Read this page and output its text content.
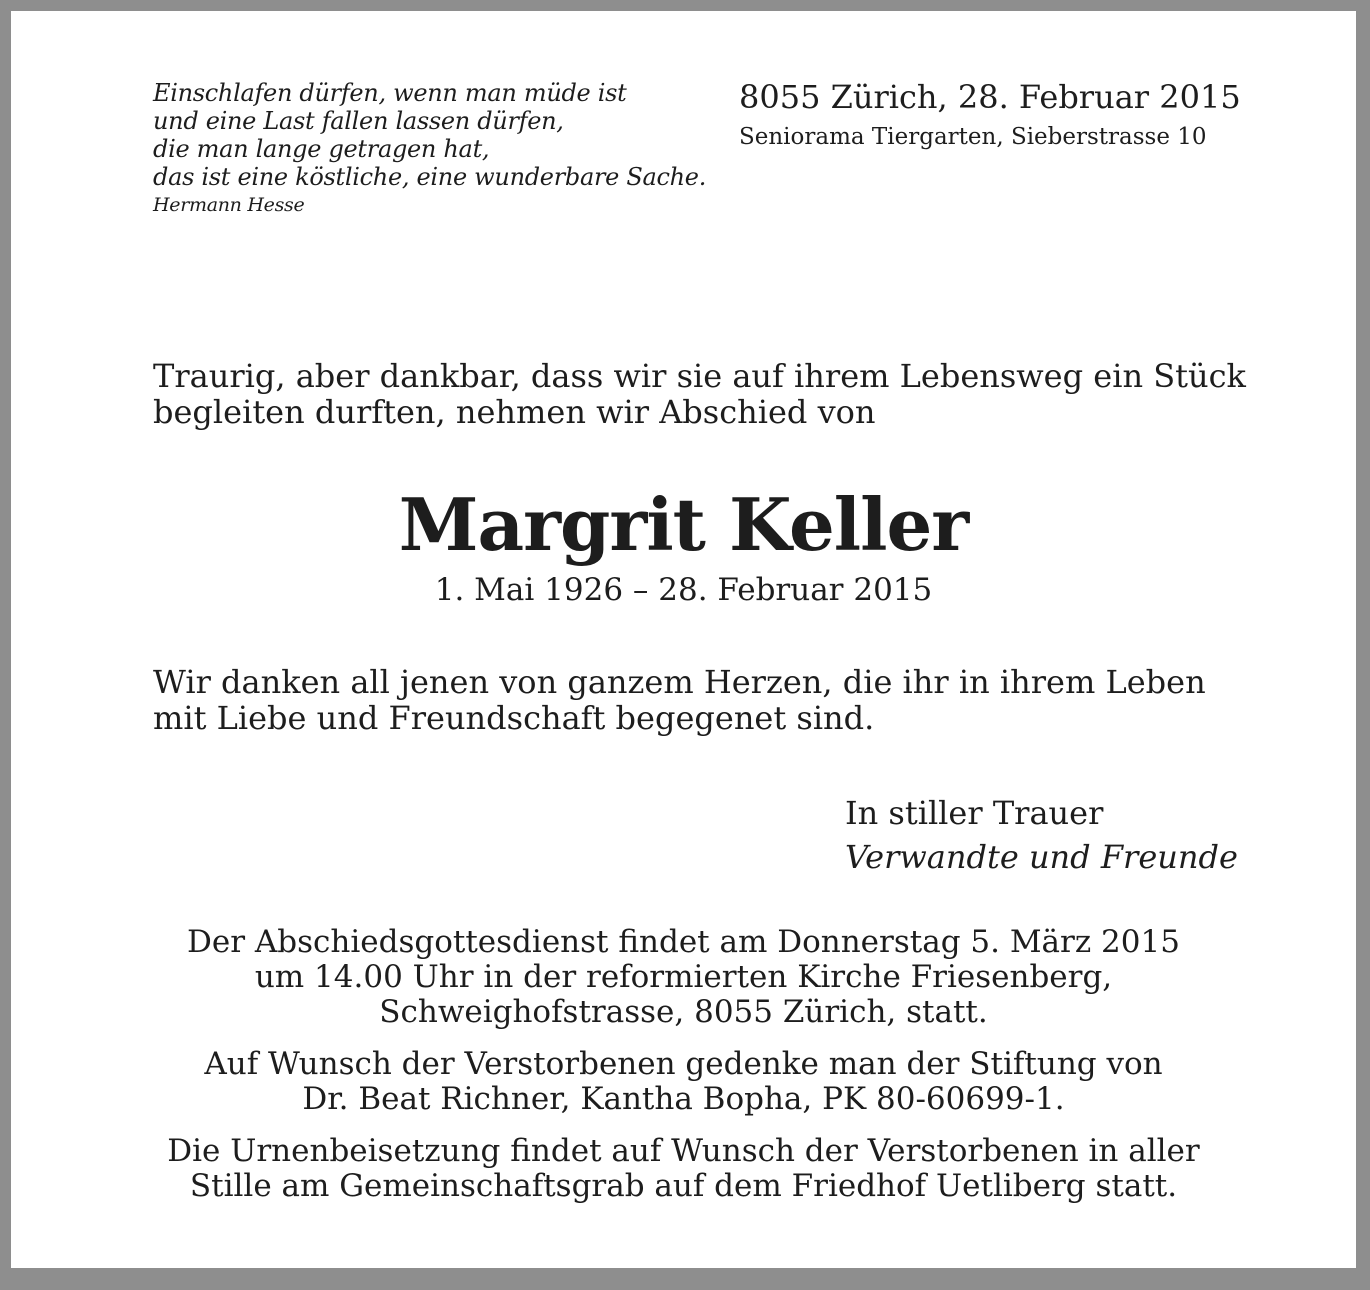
Einschlafen dürfen, wenn man müde ist
und eine Last fallen lassen dürfen,
die man lange getragen hat,
das ist eine köstliche, eine wunderbare Sache.
Hermann Hesse
8055 Zürich, 28. Februar 2015
Seniorama Tiergarten, Sieberstrasse 10
Traurig, aber dankbar, dass wir sie auf ihrem Lebensweg ein Stück
begleiten durften, nehmen wir Abschied von
Margrit Keller
1. Mai 1926 – 28. Februar 2015
Wir danken all jenen von ganzem Herzen, die ihr in ihrem Leben
mit Liebe und Freundschaft begegenet sind.
In stiller Trauer
Verwandte und Freunde
Der Abschiedsgottesdienst findet am Donnerstag 5. März 2015
um 14.00 Uhr in der reformierten Kirche Friesenberg,
Schweighofstrasse, 8055 Zürich, statt.
Auf Wunsch der Verstorbenen gedenke man der Stiftung von
Dr. Beat Richner, Kantha Bopha, PK 80-60699-1.
Die Urnenbeisetzung findet auf Wunsch der Verstorbenen in aller
Stille am Gemeinschaftsgrab auf dem Friedhof Uetliberg statt.
